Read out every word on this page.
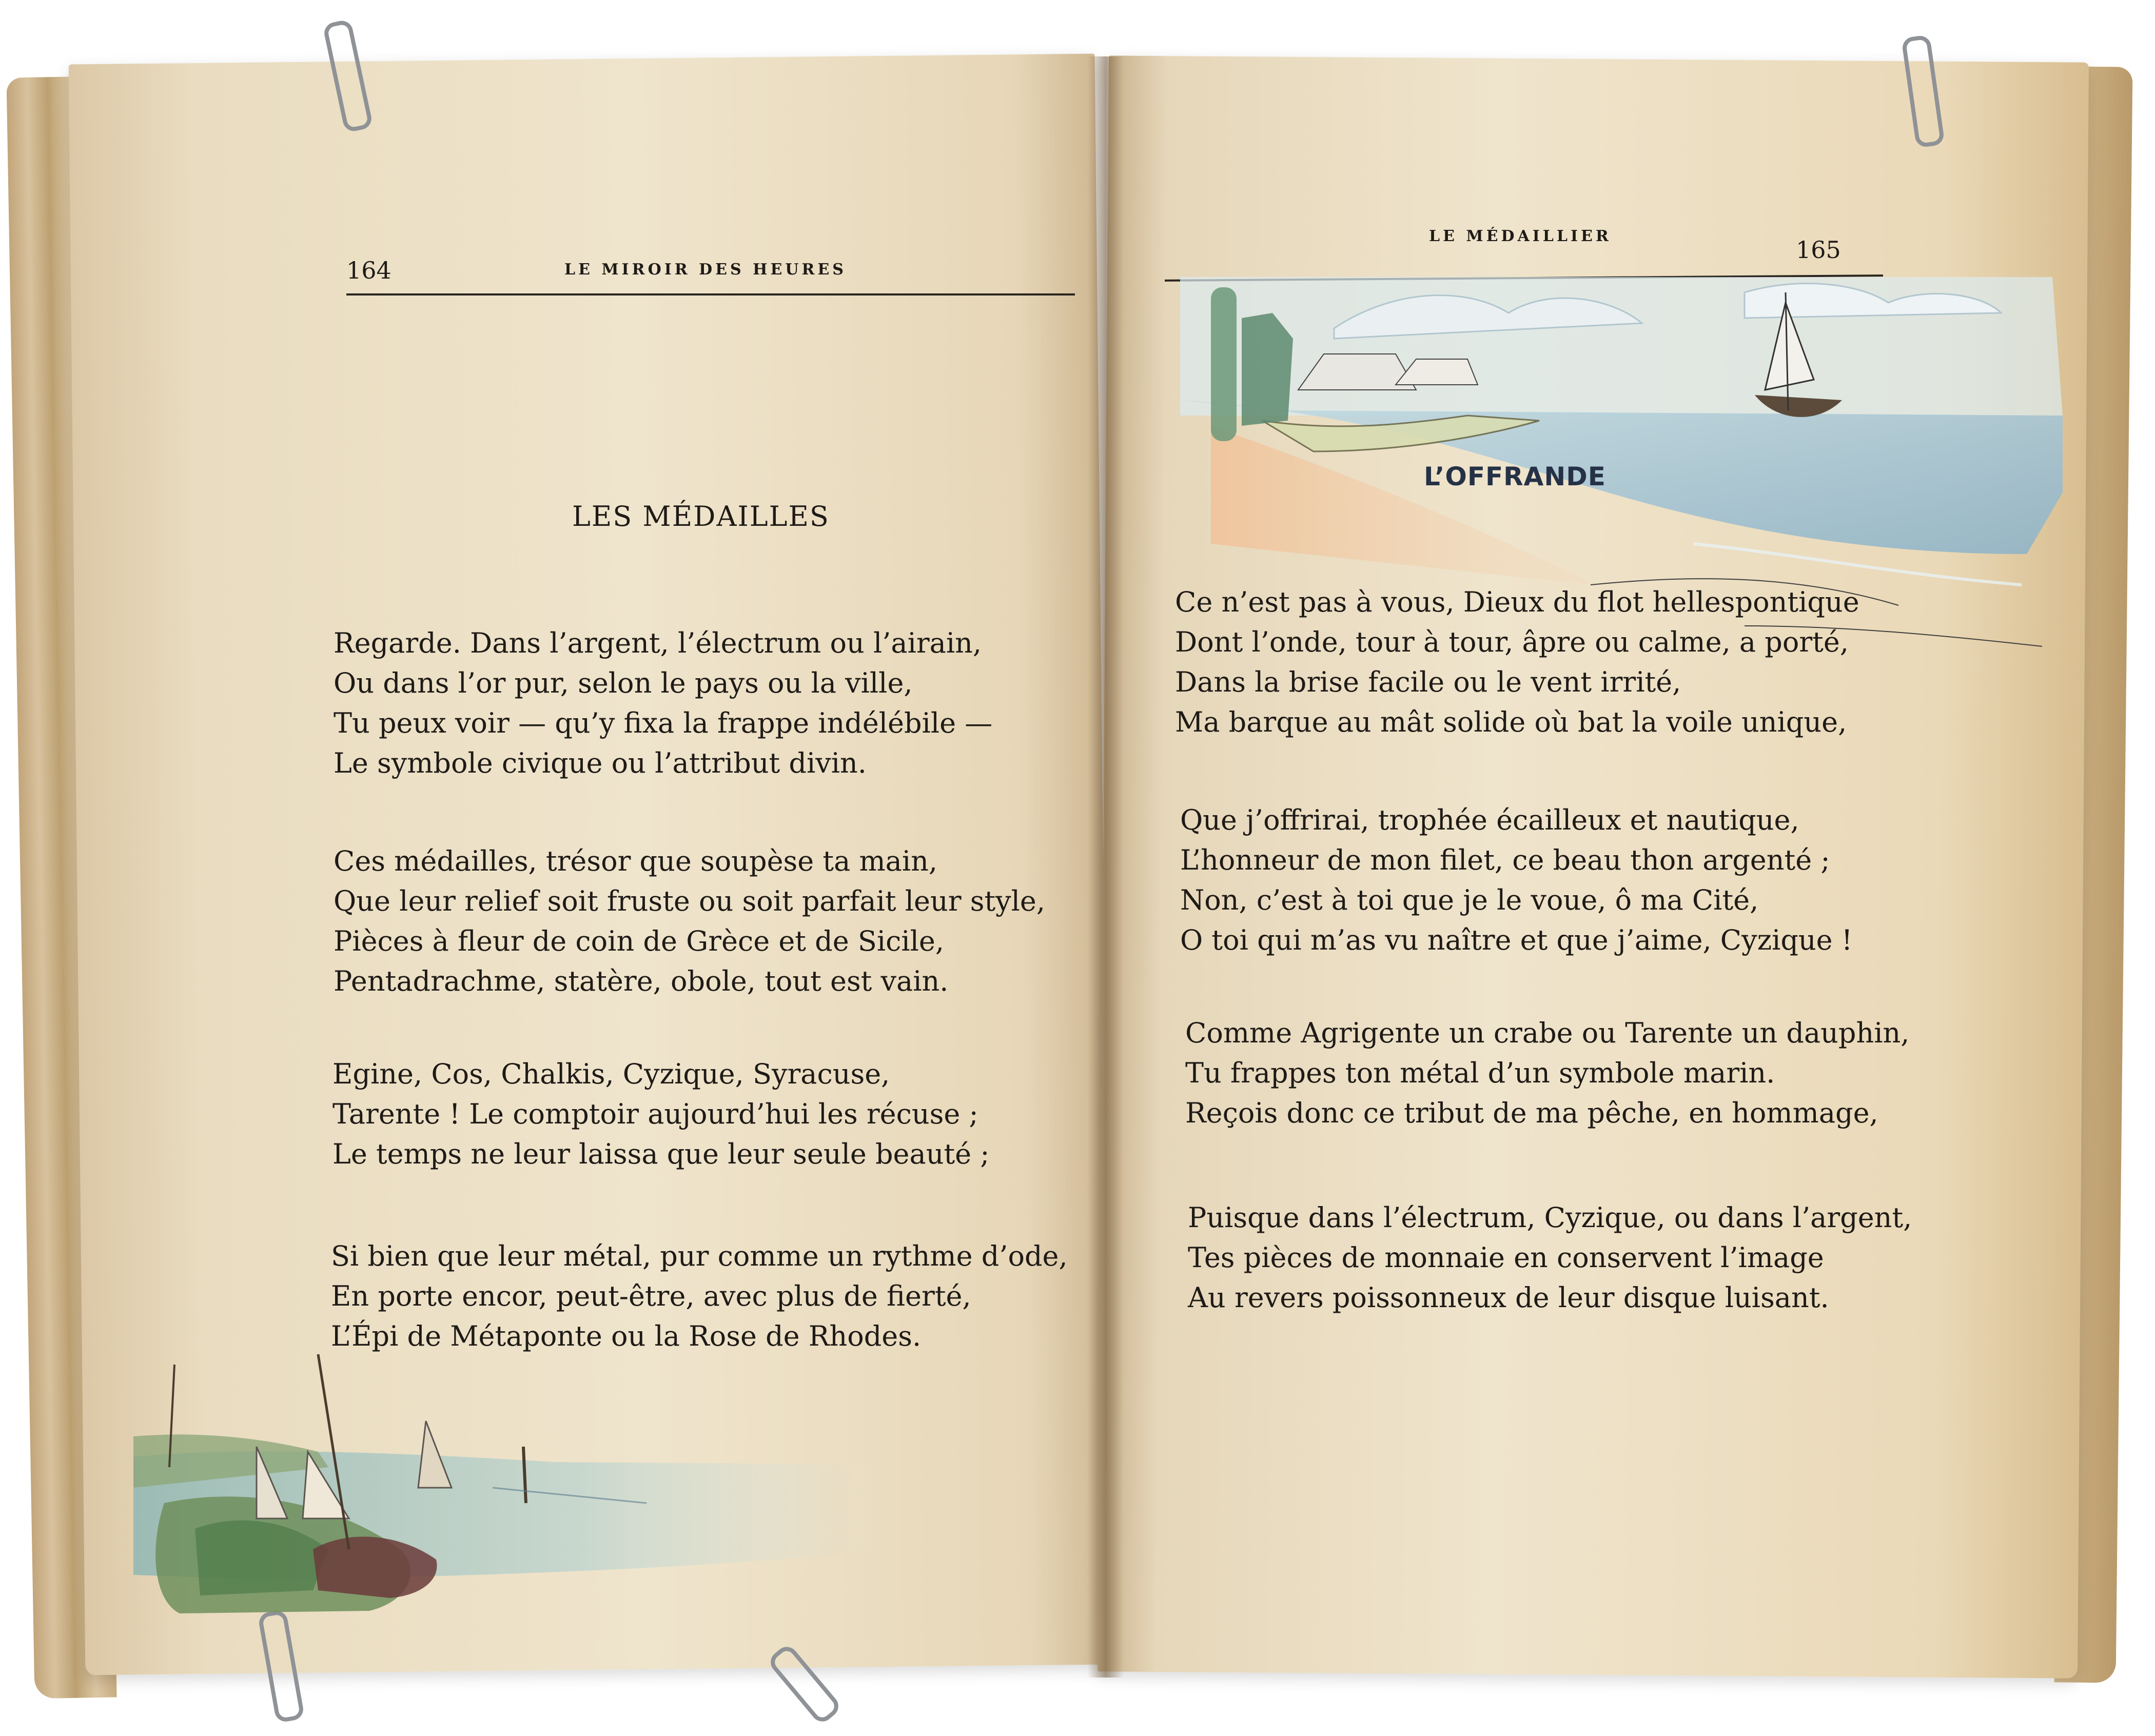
164	LE MIROIR DES HEURES
LES MÉDAILLES
Regarde. Dans l’argent, l’électrum ou l’airain,
Ou dans l’or pur, selon le pays ou la ville,
Tu peux voir — qu’y fixa la frappe indélébile —
Le symbole civique ou l’attribut divin.
Ces médailles, trésor que soupèse ta main,
Que leur relief soit fruste ou soit parfait leur style,
Pièces à fleur de coin de Grèce et de Sicile,
Pentadrachme, statère, obole, tout est vain.
Egine, Cos, Chalkis, Cyzique, Syracuse,
Tarente ! Le comptoir aujourd’hui les récuse ;
Le temps ne leur laissa que leur seule beauté ;
Si bien que leur métal, pur comme un rythme d’ode,
En porte encor, peut-être, avec plus de fierté,
L’Épi de Métaponte ou la Rose de Rhodes.
LE MÉDAILLIER	165
L’OFFRANDE
Ce n’est pas à vous, Dieux du flot hellespontique
Dont l’onde, tour à tour, âpre ou calme, a porté,
Dans la brise facile ou le vent irrité,
Ma barque au mât solide où bat la voile unique,
Que j’offrirai, trophée écailleux et nautique,
L’honneur de mon filet, ce beau thon argenté ;
Non, c’est à toi que je le voue, ô ma Cité,
O toi qui m’as vu naître et que j’aime, Cyzique !
Comme Agrigente un crabe ou Tarente un dauphin,
Tu frappes ton métal d’un symbole marin.
Reçois donc ce tribut de ma pêche, en hommage,
Puisque dans l’électrum, Cyzique, ou dans l’argent,
Tes pièces de monnaie en conservent l’image
Au revers poissonneux de leur disque luisant.
